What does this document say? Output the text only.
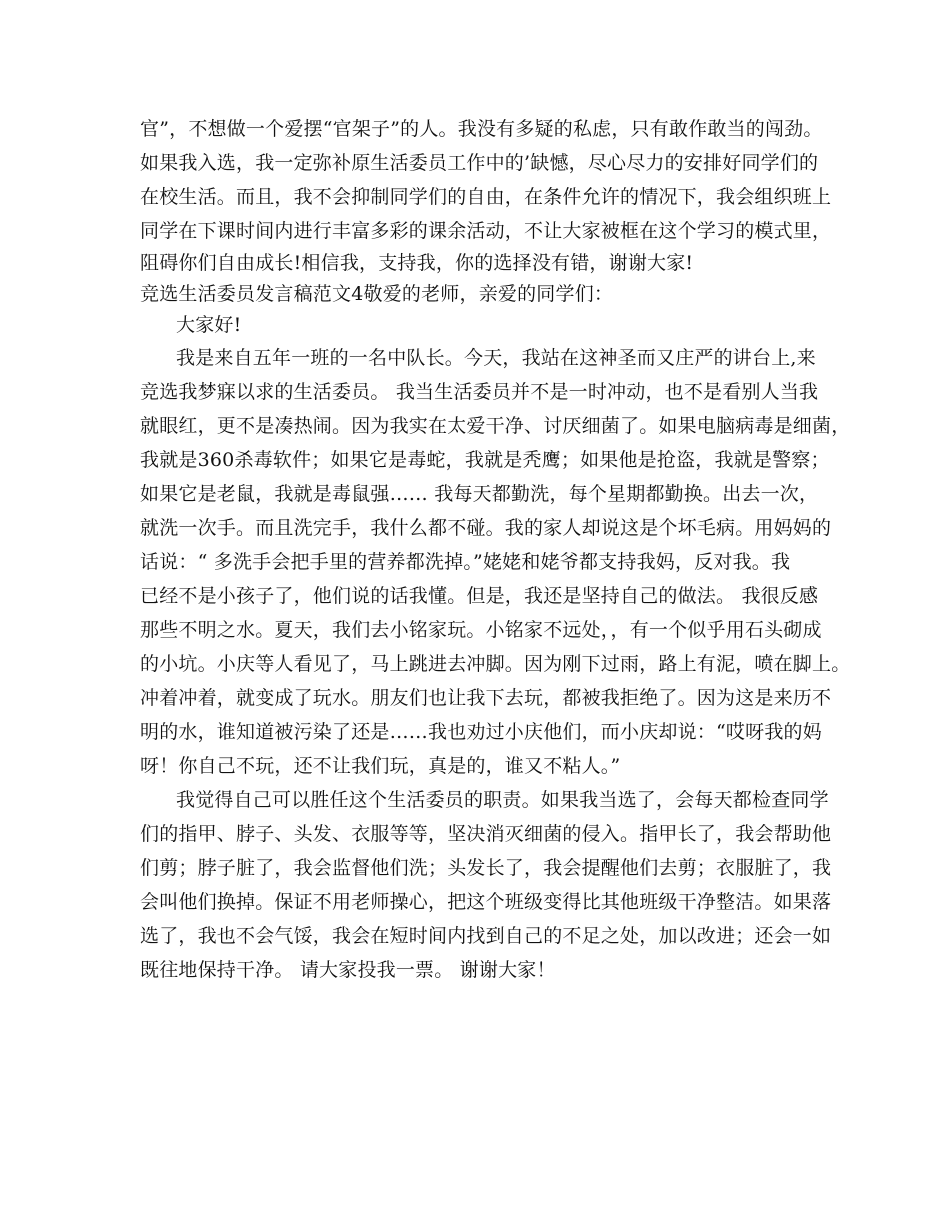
官”，不想做一个爱摆“官架子”的人。我没有多疑的私虑，只有敢作敢当的闯劲。
如果我入选，我一定弥补原生活委员工作中的’缺憾，尽心尽力的安排好同学们的
在校生活。而且，我不会抑制同学们的自由，在条件允许的情况下，我会组织班上
同学在下课时间内进行丰富多彩的课余活动，不让大家被框在这个学习的模式里，
阻碍你们自由成长!相信我，支持我，你的选择没有错，谢谢大家!
竞选生活委员发言稿范文4敬爱的老师，亲爱的同学们：
大家好!
我是来自五年一班的一名中队长。今天，我站在这神圣而又庄严的讲台上,来
竞选我梦寐以求的生活委员。 我当生活委员并不是一时冲动，也不是看别人当我
就眼红，更不是凑热闹。因为我实在太爱干净、讨厌细菌了。如果电脑病毒是细菌，
我就是360杀毒软件；如果它是毒蛇，我就是秃鹰；如果他是抢盗，我就是警察；
如果它是老鼠，我就是毒鼠强…… 我每天都勤洗，每个星期都勤换。出去一次，
就洗一次手。而且洗完手，我什么都不碰。我的家人却说这是个坏毛病。用妈妈的
话说：“ 多洗手会把手里的营养都洗掉。”姥姥和姥爷都支持我妈，反对我。我
已经不是小孩子了，他们说的话我懂。但是，我还是坚持自己的做法。 我很反感
那些不明之水。夏天，我们去小铭家玩。小铭家不远处，，有一个似乎用石头砌成
的小坑。小庆等人看见了，马上跳进去冲脚。因为刚下过雨，路上有泥，喷在脚上。
冲着冲着，就变成了玩水。朋友们也让我下去玩，都被我拒绝了。因为这是来历不
明的水，谁知道被污染了还是……我也劝过小庆他们，而小庆却说：“哎呀我的妈
呀！你自己不玩，还不让我们玩，真是的，谁又不粘人。”
我觉得自己可以胜任这个生活委员的职责。如果我当选了，会每天都检查同学
们的指甲、脖子、头发、衣服等等，坚决消灭细菌的侵入。指甲长了，我会帮助他
们剪；脖子脏了，我会监督他们洗；头发长了，我会提醒他们去剪；衣服脏了，我
会叫他们换掉。保证不用老师操心，把这个班级变得比其他班级干净整洁。如果落
选了，我也不会气馁，我会在短时间内找到自己的不足之处，加以改进；还会一如
既往地保持干净。 请大家投我一票。 谢谢大家！
